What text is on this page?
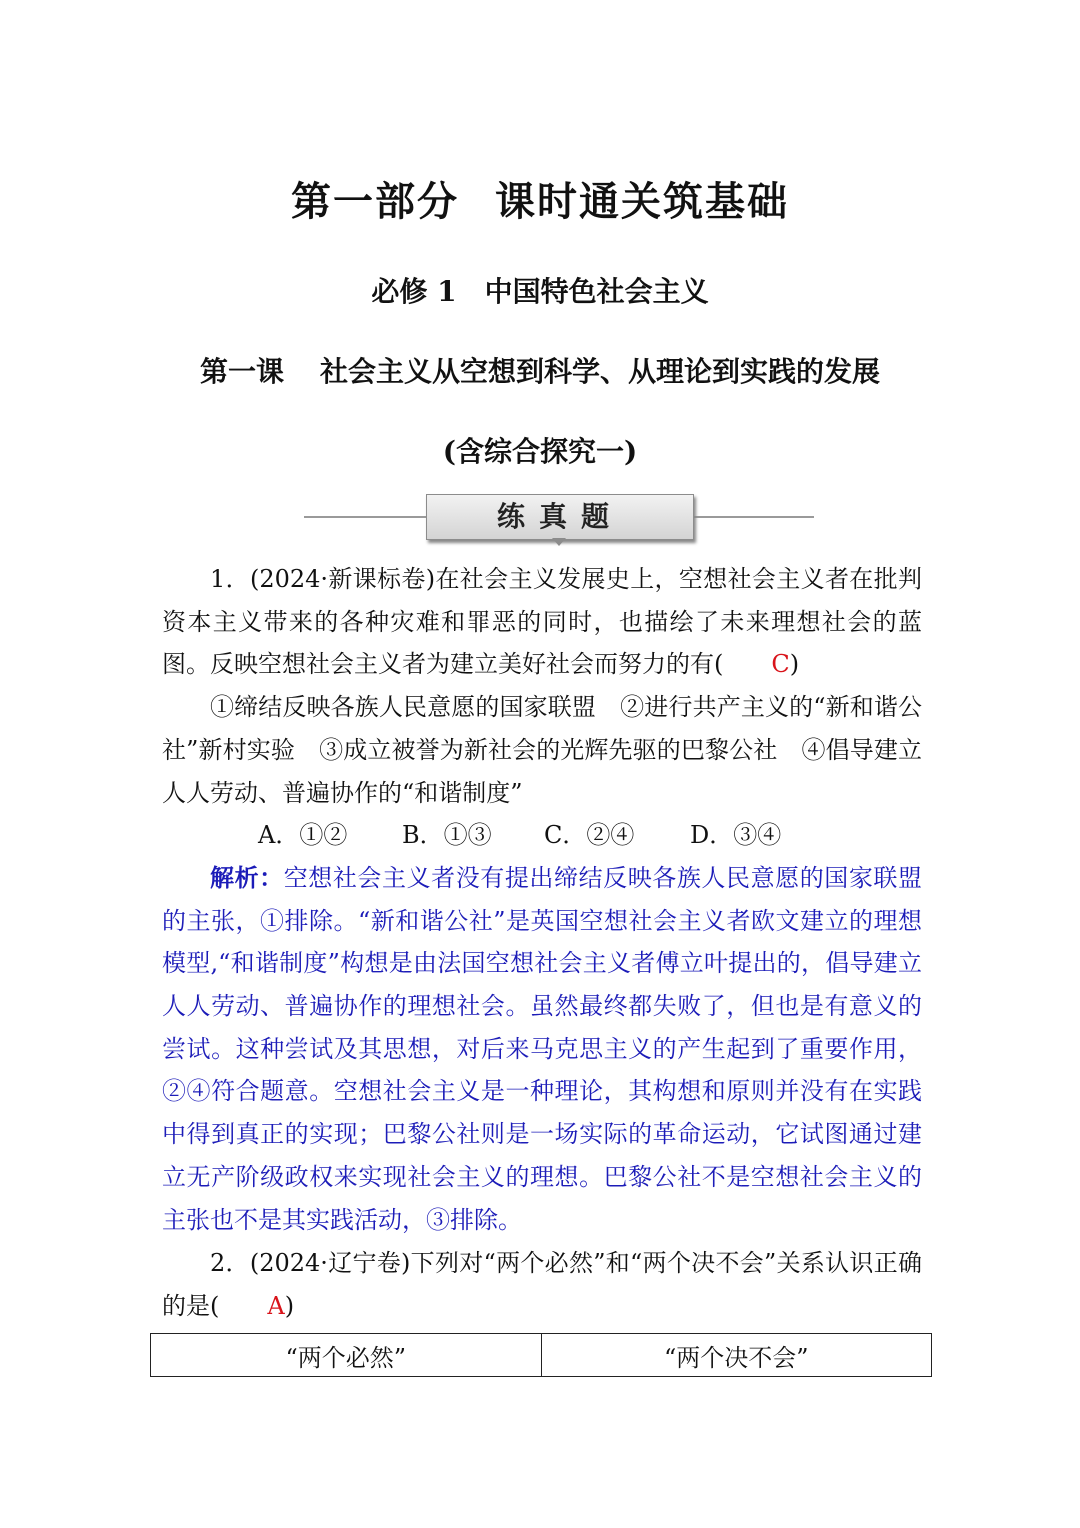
第一部分 课时通关筑基础
必修 1　中国特色社会主义
第一课 社会主义从空想到科学、从理论到实践的发展
(含综合探究一)
练真题

1．(2024·新课标卷)在社会主义发展史上，空想社会主义者在批判资本主义带来的各种灾难和罪恶的同时，也描绘了未来理想社会的蓝图。反映空想社会主义者为建立美好社会而努力的有( C)

①缔结反映各族人民意愿的国家联盟　②进行共产主义的“新和谐公社”新村实验　③成立被誉为新社会的光辉先驱的巴黎公社　④倡导建立人人劳动、普遍协作的“和谐制度”

A．①② B．①③ C．②④ D．③④

解析：空想社会主义者没有提出缔结反映各族人民意愿的国家联盟的主张，①排除。“新和谐公社”是英国空想社会主义者欧文建立的理想模型,“和谐制度”构想是由法国空想社会主义者傅立叶提出的，倡导建立人人劳动、普遍协作的理想社会。虽然最终都失败了，但也是有意义的尝试。这种尝试及其思想，对后来马克思主义的产生起到了重要作用，②④符合题意。空想社会主义是一种理论，其构想和原则并没有在实践中得到真正的实现；巴黎公社则是一场实际的革命运动，它试图通过建立无产阶级政权来实现社会主义的理想。巴黎公社不是空想社会主义的主张也不是其实践活动，③排除。

2．(2024·辽宁卷)下列对“两个必然”和“两个决不会”关系认识正确的是( A)

“两个必然”	“两个决不会”
